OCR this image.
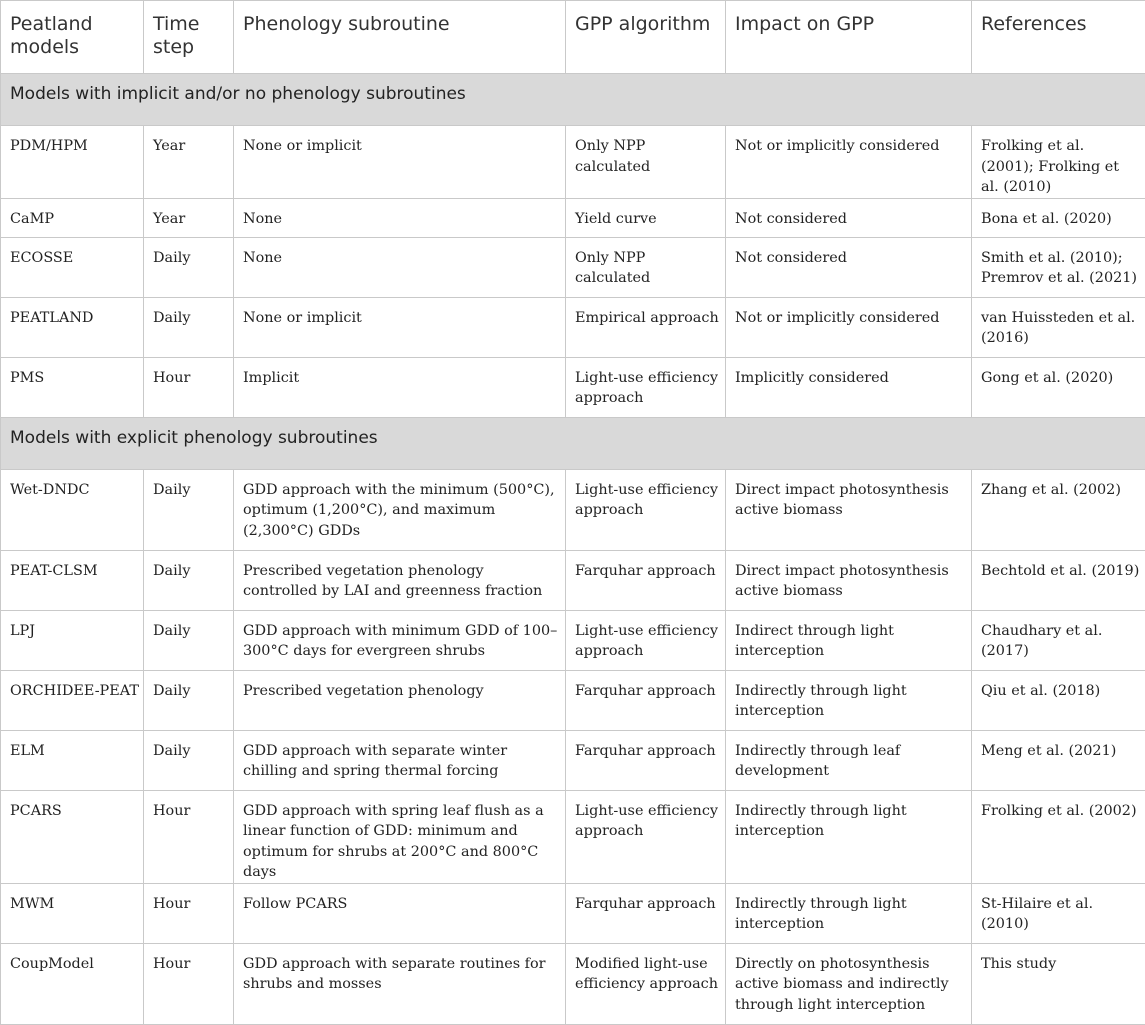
Peatland models	Time step	Phenology subroutine	GPP algorithm	Impact on GPP	References
Models with implicit and/or no phenology subroutines					
PDM/HPM	Year	None or implicit	Only NPP calculated	Not or implicitly considered	Frolking et al. (2001); Frolking et al. (2010)
CaMP	Year	None	Yield curve	Not considered	Bona et al. (2020)
ECOSSE	Daily	None	Only NPP calculated	Not considered	Smith et al. (2010); Premrov et al. (2021)
PEATLAND	Daily	None or implicit	Empirical approach	Not or implicitly considered	van Huissteden et al. (2016)
PMS	Hour	Implicit	Light-use efficiency approach	Implicitly considered	Gong et al. (2020)
Models with explicit phenology subroutines					
Wet-DNDC	Daily	GDD approach with the minimum (500°C), optimum (1,200°C), and maximum (2,300°C) GDDs	Light-use efficiency approach	Direct impact photosynthesis active biomass	Zhang et al. (2002)
PEAT-CLSM	Daily	Prescribed vegetation phenology controlled by LAI and greenness fraction	Farquhar approach	Direct impact photosynthesis active biomass	Bechtold et al. (2019)
LPJ	Daily	GDD approach with minimum GDD of 100–300°C days for evergreen shrubs	Light-use efficiency approach	Indirect through light interception	Chaudhary et al. (2017)
ORCHIDEE-PEAT	Daily	Prescribed vegetation phenology	Farquhar approach	Indirectly through light interception	Qiu et al. (2018)
ELM	Daily	GDD approach with separate winter chilling and spring thermal forcing	Farquhar approach	Indirectly through leaf development	Meng et al. (2021)
PCARS	Hour	GDD approach with spring leaf flush as a linear function of GDD: minimum and optimum for shrubs at 200°C and 800°C days	Light-use efficiency approach	Indirectly through light interception	Frolking et al. (2002)
MWM	Hour	Follow PCARS	Farquhar approach	Indirectly through light interception	St-Hilaire et al. (2010)
CoupModel	Hour	GDD approach with separate routines for shrubs and mosses	Modified light-use efficiency approach	Directly on photosynthesis active biomass and indirectly through light interception	This study
